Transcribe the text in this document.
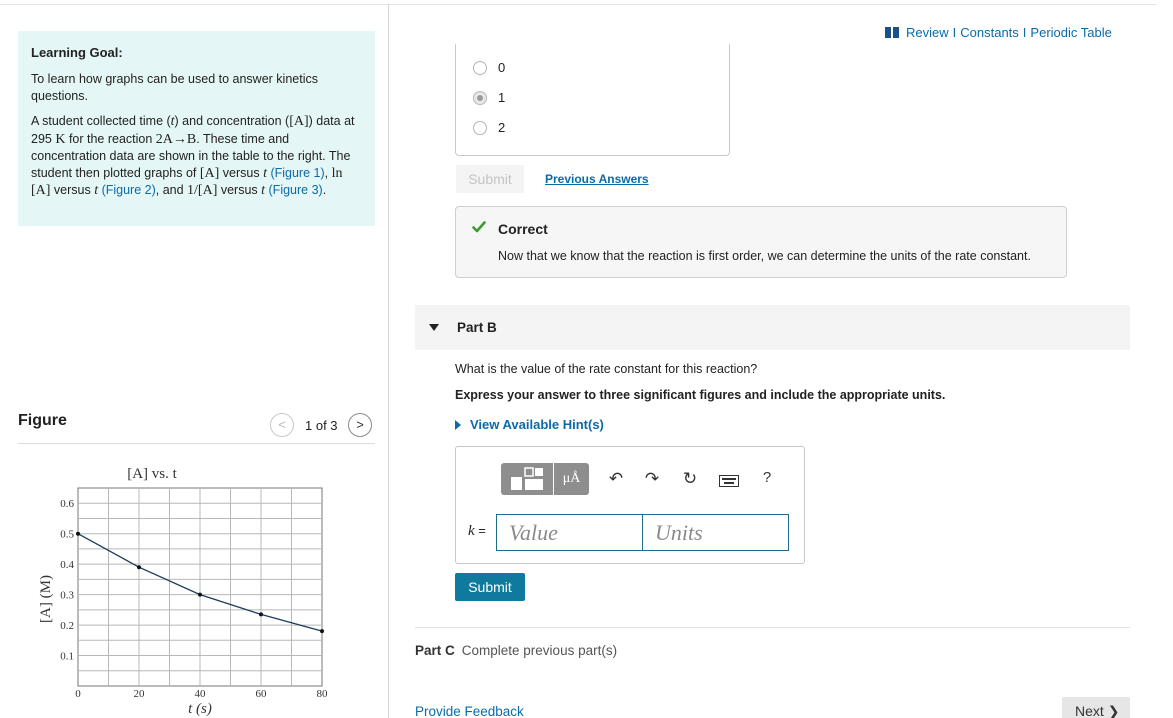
Learning Goal:
To learn how graphs can be used to answer kinetics questions.
A student collected time (t) and concentration ([A]) data at 295 K for the reaction 2A→B. These time and concentration data are shown in the table to the right. The student then plotted graphs of [A] versus t (Figure 1), ln [A] versus t (Figure 2), and 1/[A] versus t (Figure 3).
Figure	<	1 of 3	>
0.1
0.2
0.3
0.4
0.5
0.6
0	20	40	60	80
[A] vs. t
t (s)
[A] (M)
Review I Constants I Periodic Table
0
1
2
Submit	Previous Answers
Correct
Now that we know that the reaction is first order, we can determine the units of the rate constant.
Part B
What is the value of the rate constant for this reaction?
Express your answer to three significant figures and include the appropriate units.
View Available Hint(s)
μÅ	↶ ↷ ↻	?
k =	Value	Units
Submit
Part C Complete previous part(s)
Provide Feedback	Next ❯
